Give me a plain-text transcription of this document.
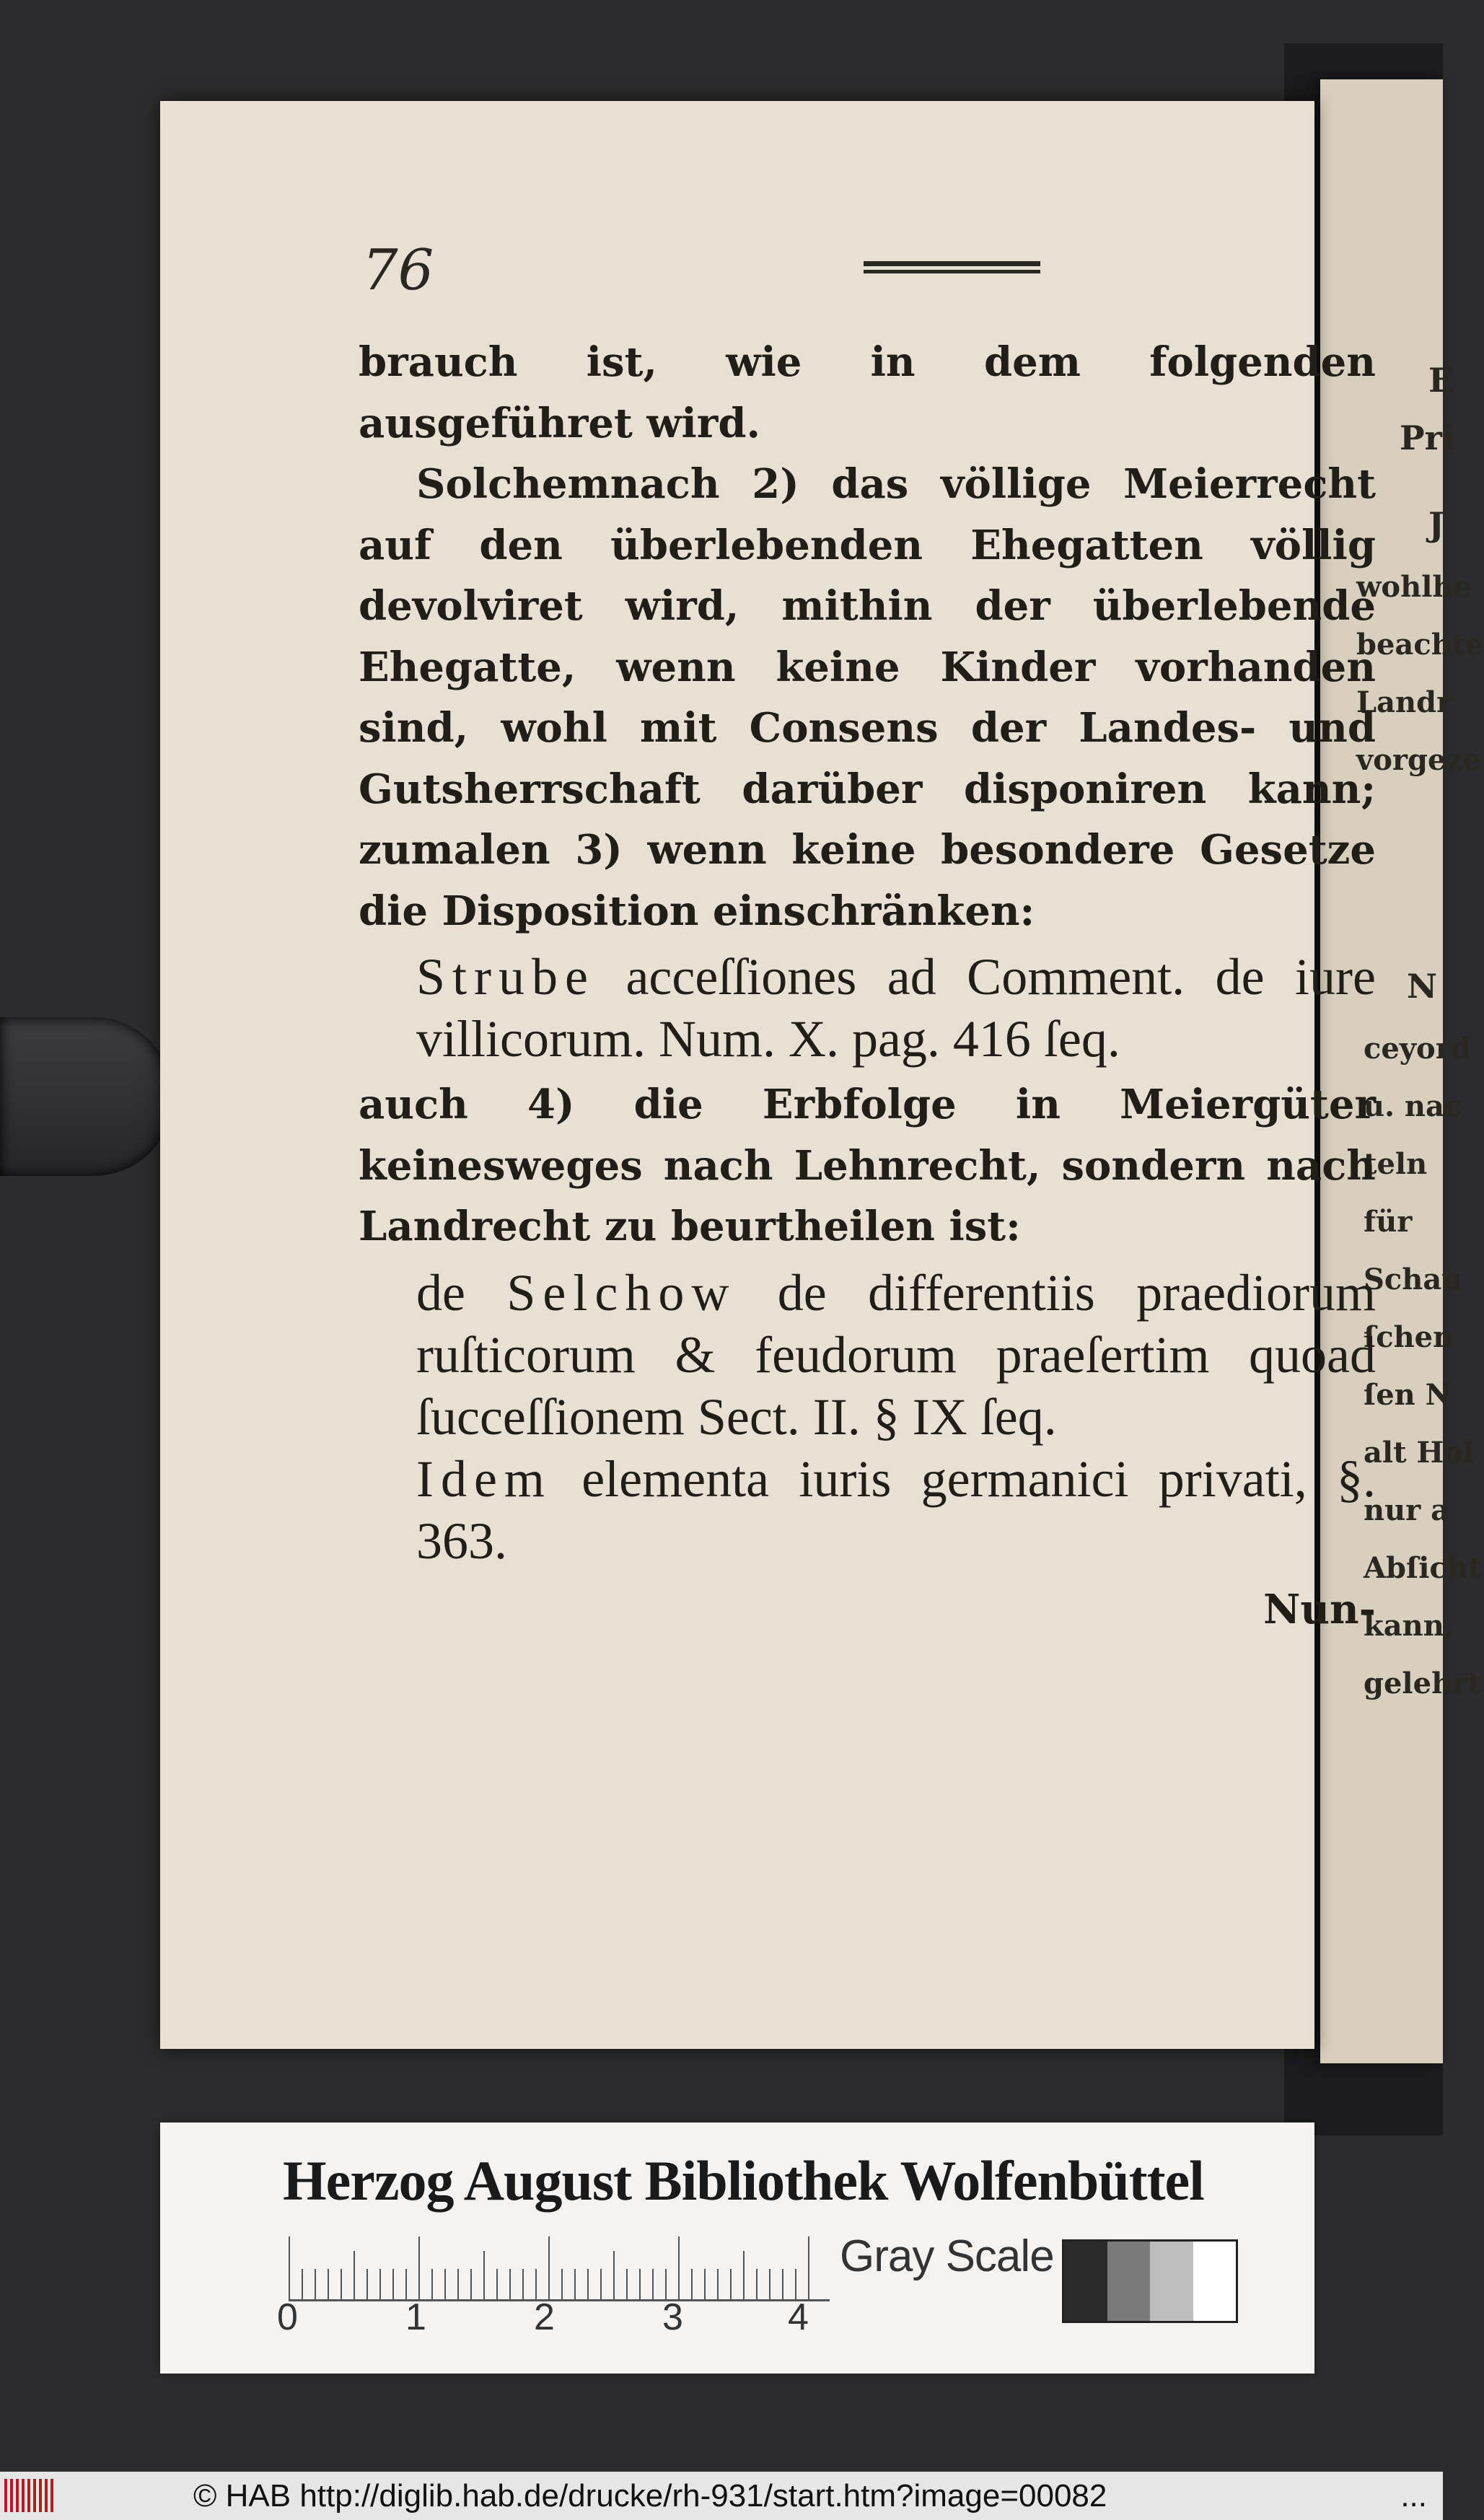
E
Pri
J
wohlhe
beachte
Landr
vorgeze
N
ceyord
u. nac
teln
für
Schau
ſchen
ſen N
alt Hol
nur a
Abſicht
kann,
gelehrt
76

brauch ist, wie in dem folgenden ausgeführet wird.

Solchemnach 2) das völlige Meierrecht auf den überlebenden Ehegatten völlig devolviret wird, mithin der überlebende Ehegatte, wenn keine Kinder vorhanden sind, wohl mit Consens der Landes- und Gutsherrschaft darüber disponiren kann; zumalen 3) wenn keine besondere Gesetze die Disposition einschränken:

Strube acceſſiones ad Comment. de iure villicorum. Num. X. pag. 416 ſeq.

auch 4) die Erbfolge in Meiergüter keinesweges nach Lehnrecht, sondern nach Landrecht zu beurtheilen ist:

de Selchow de differentiis praediorum ruſticorum & feudorum praeſertim quoad ſucceſſionem Sect. II. § IX ſeq.

Idem elementa iuris germanici privati, §. 363.

Nun-
Herzog August Bibliothek Wolfenbüttel
0	1	2	3	4
Gray Scale
© HAB http://diglib.hab.de/drucke/rh-931/start.htm?image=00082	...
